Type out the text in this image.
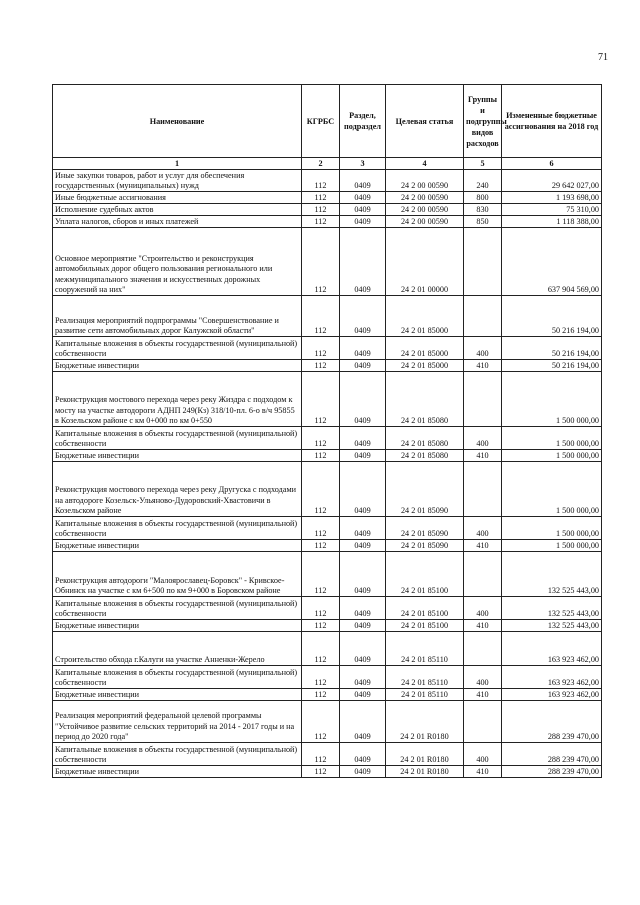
71
Наименование	КГРБС	Раздел, подраздел	Целевая статья	Группы и подгруппы видов расходов	Измененные бюджетные ассигнования на 2018 год
1	2	3	4	5	6
Иные закупки товаров, работ и услуг для обеспечения государственных (муниципальных) нужд	112	0409	24 2 00 00590	240	29 642 027,00
Иные бюджетные ассигнования	112	0409	24 2 00 00590	800	1 193 698,00
Исполнение судебных актов	112	0409	24 2 00 00590	830	75 310,00
Уплата налогов, сборов и иных платежей	112	0409	24 2 00 00590	850	1 118 388,00
Основное мероприятие "Строительство и реконструкция автомобильных дорог общего пользования регионального или межмуниципального значения и искусственных дорожных сооружений на них"	112	0409	24 2 01 00000		637 904 569,00
Реализация мероприятий подпрограммы "Совершенствование и развитие сети автомобильных дорог Калужской области"	112	0409	24 2 01 85000		50 216 194,00
Капитальные вложения в объекты государственной (муниципальной) собственности	112	0409	24 2 01 85000	400	50 216 194,00
Бюджетные инвестиции	112	0409	24 2 01 85000	410	50 216 194,00
Реконструкция мостового перехода через реку Жиздра с подходом к мосту на участке автодороги АДНП 249(Кз) 318/10-пл. 6-о в/ч 95855 в Козельском районе с км 0+000 по км 0+550	112	0409	24 2 01 85080		1 500 000,00
Капитальные вложения в объекты государственной (муниципальной) собственности	112	0409	24 2 01 85080	400	1 500 000,00
Бюджетные инвестиции	112	0409	24 2 01 85080	410	1 500 000,00
Реконструкция мостового перехода через реку Другуска с подходами на автодороге Козельск-Ульяново-Дудоровский-Хвастовичи в Козельском районе	112	0409	24 2 01 85090		1 500 000,00
Капитальные вложения в объекты государственной (муниципальной) собственности	112	0409	24 2 01 85090	400	1 500 000,00
Бюджетные инвестиции	112	0409	24 2 01 85090	410	1 500 000,00
Реконструкция автодороги "Малоярославец-Боровск" - Кривское-Обнинск на участке с км 6+500 по км 9+000 в Боровском районе	112	0409	24 2 01 85100		132 525 443,00
Капитальные вложения в объекты государственной (муниципальной) собственности	112	0409	24 2 01 85100	400	132 525 443,00
Бюджетные инвестиции	112	0409	24 2 01 85100	410	132 525 443,00
Строительство обхода г.Калуги на участке Анненки-Жерело	112	0409	24 2 01 85110		163 923 462,00
Капитальные вложения в объекты государственной (муниципальной) собственности	112	0409	24 2 01 85110	400	163 923 462,00
Бюджетные инвестиции	112	0409	24 2 01 85110	410	163 923 462,00
Реализация мероприятий федеральной целевой программы "Устойчивое развитие сельских территорий на 2014 - 2017 годы и на период до 2020 года"	112	0409	24 2 01 R0180		288 239 470,00
Капитальные вложения в объекты государственной (муниципальной) собственности	112	0409	24 2 01 R0180	400	288 239 470,00
Бюджетные инвестиции	112	0409	24 2 01 R0180	410	288 239 470,00
